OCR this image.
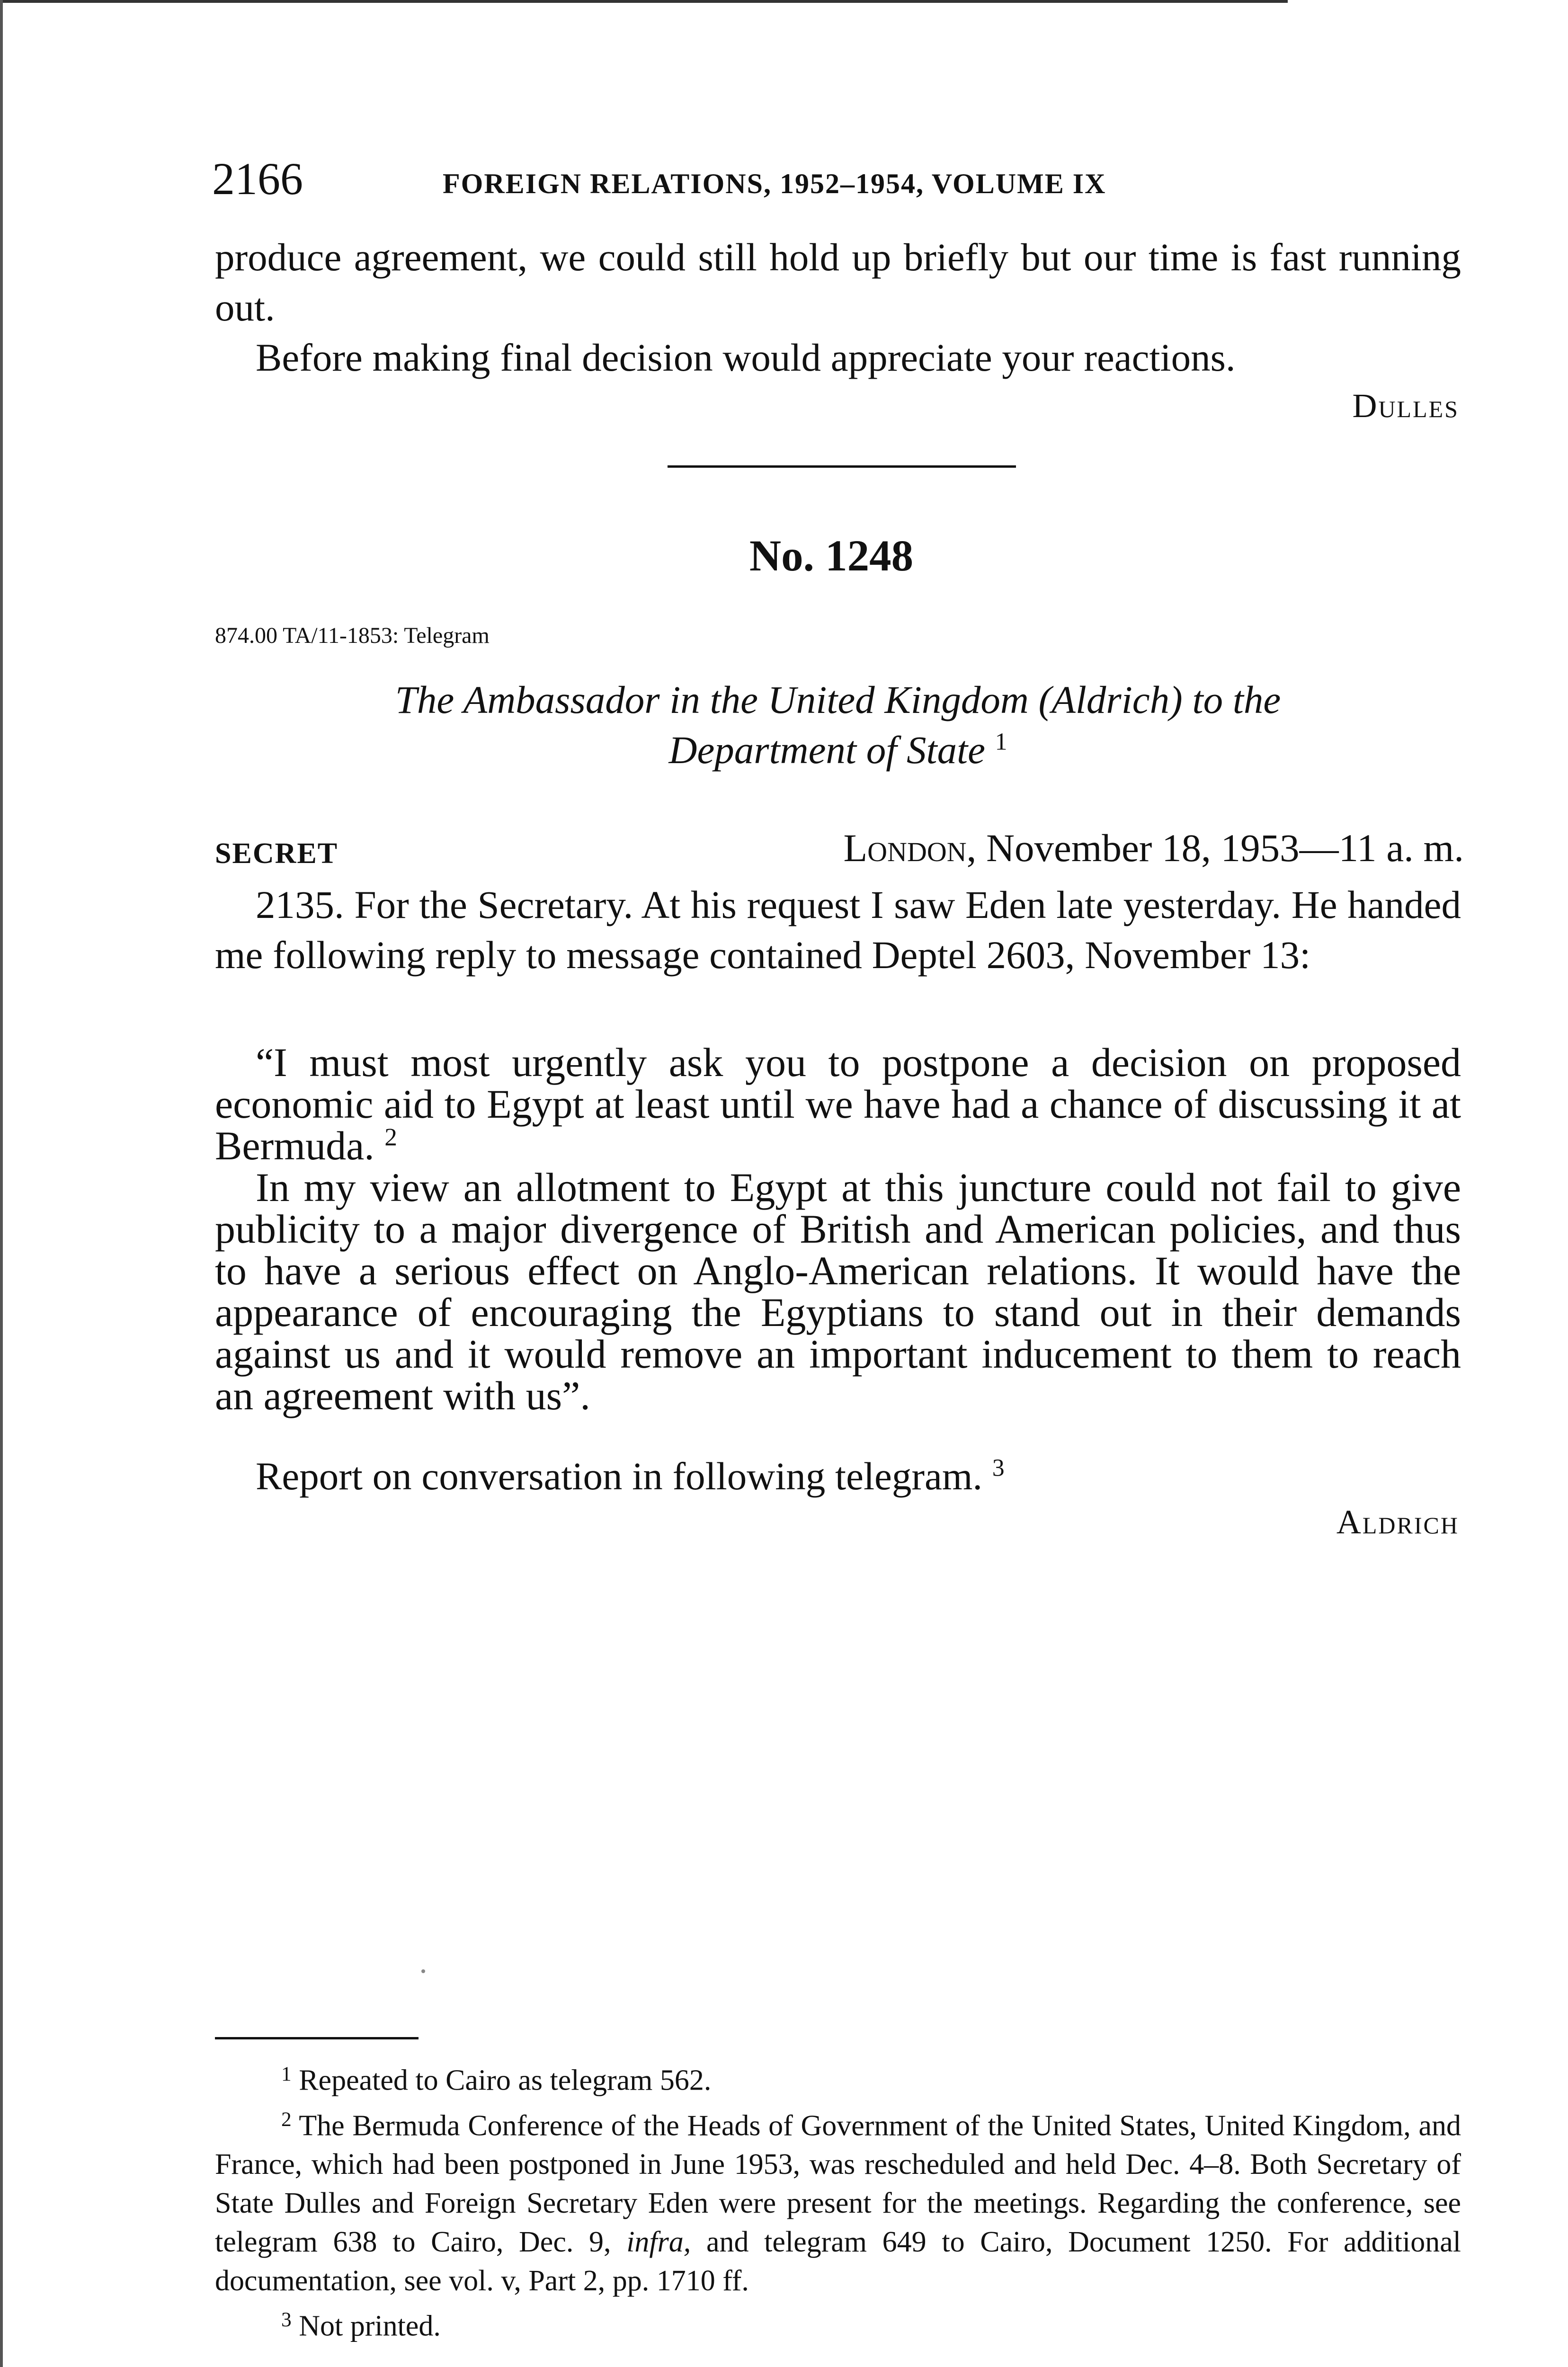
2166	FOREIGN RELATIONS, 1952–1954, VOLUME IX

produce agreement, we could still hold up briefly but our time is fast running out.

Before making final decision would appreciate your reactions.

Dulles
No. 1248
874.00 TA/11-1853: Telegram
The Ambassador in the United Kingdom (Aldrich) to the
Department of State $^1$
SECRET	London, November 18, 1953—11 a. m.

2135. For the Secretary. At his request I saw Eden late yesterday. He handed me following reply to message contained Deptel 2603, November 13:

“I must most urgently ask you to postpone a decision on proposed economic aid to Egypt at least until we have had a chance of discussing it at Bermuda. $^2$

In my view an allotment to Egypt at this juncture could not fail to give publicity to a major divergence of British and American policies, and thus to have a serious effect on Anglo-American relations. It would have the appearance of encouraging the Egyptians to stand out in their demands against us and it would remove an important inducement to them to reach an agreement with us”.

Report on conversation in following telegram. $^3$

Aldrich

$^1$ Repeated to Cairo as telegram 562.

$^2$ The Bermuda Conference of the Heads of Government of the United States, United Kingdom, and France, which had been postponed in June 1953, was rescheduled and held Dec. 4–8. Both Secretary of State Dulles and Foreign Secretary Eden were present for the meetings. Regarding the conference, see telegram 638 to Cairo, Dec. 9, infra, and telegram 649 to Cairo, Document 1250. For additional documentation, see vol. v, Part 2, pp. 1710 ff.

$^3$ Not printed.
